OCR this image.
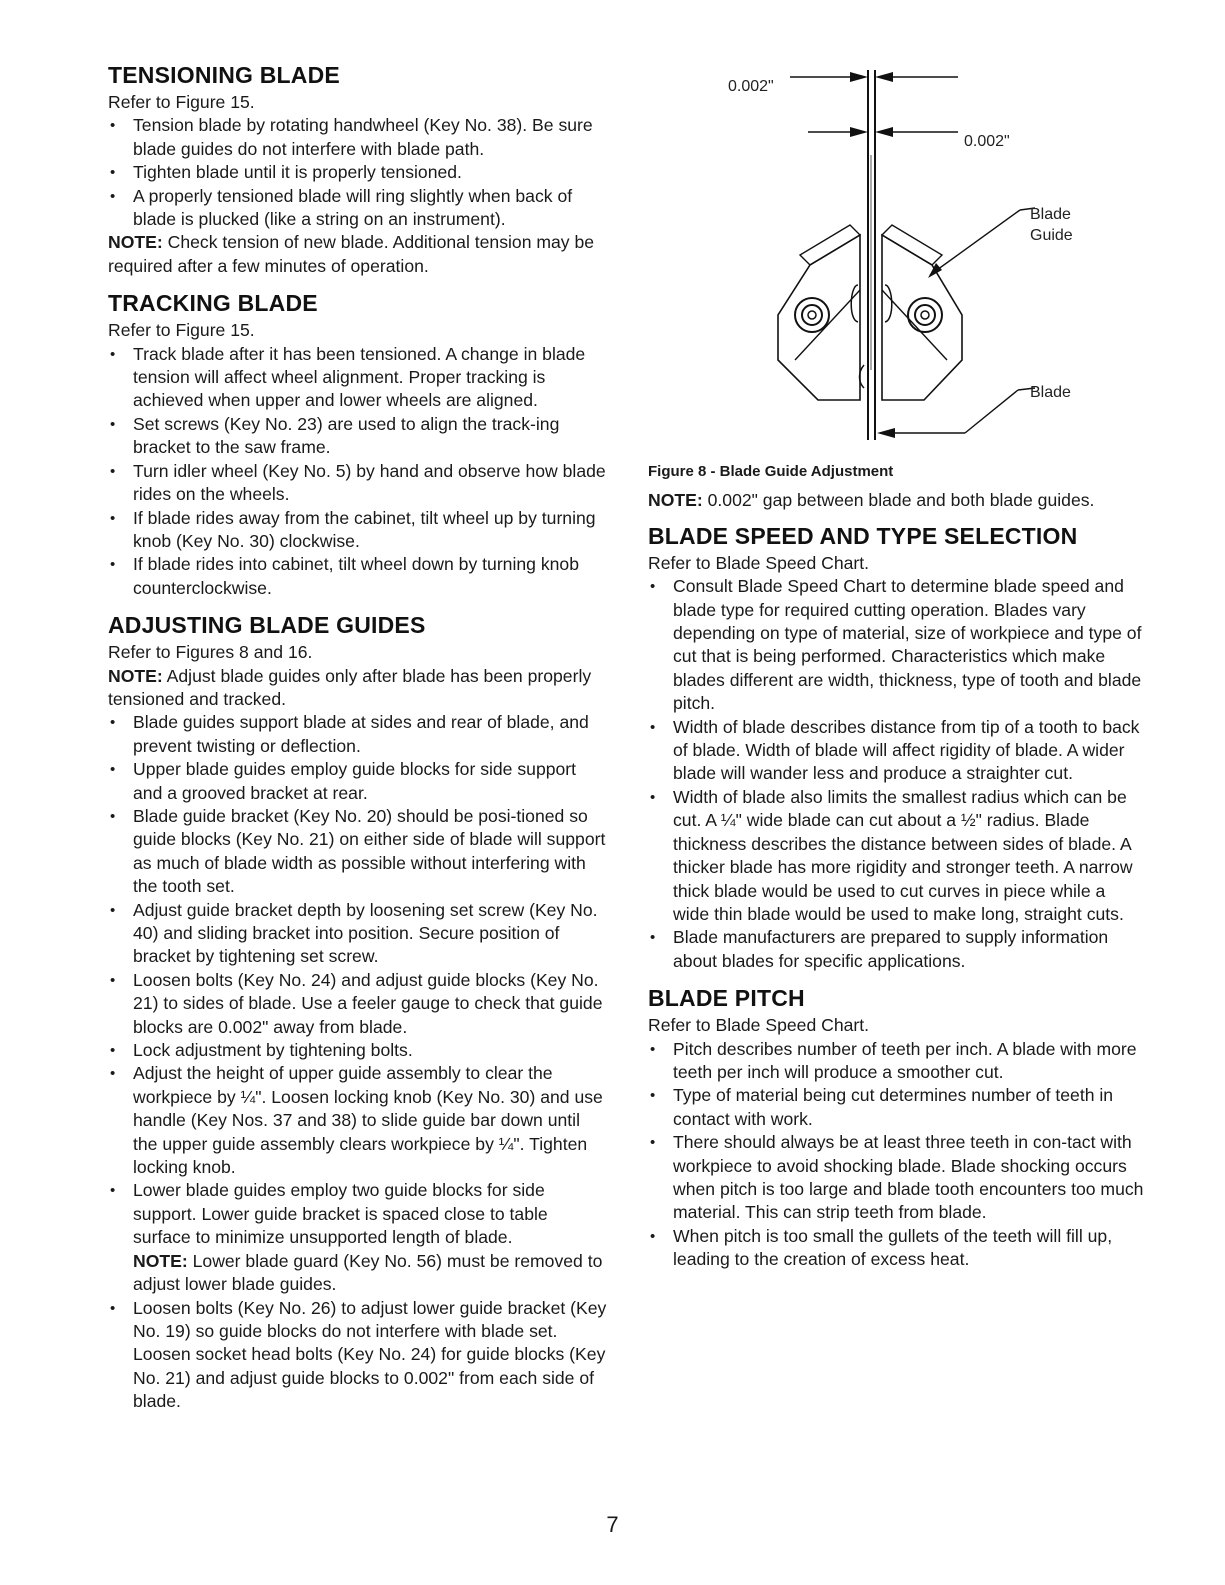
TENSIONING BLADE

Refer to Figure 15.

• Tension blade by rotating handwheel (Key No. 38). Be sure blade guides do not interfere with blade path.
• Tighten blade until it is properly tensioned.
• A properly tensioned blade will ring slightly when back of blade is plucked (like a string on an instrument).

NOTE: Check tension of new blade. Additional tension may be required after a few minutes of operation.

TRACKING BLADE

Refer to Figure 15.

• Track blade after it has been tensioned. A change in blade tension will affect wheel alignment. Proper tracking is achieved when upper and lower wheels are aligned.
• Set screws (Key No. 23) are used to align the track-ing bracket to the saw frame.
• Turn idler wheel (Key No. 5) by hand and observe how blade rides on the wheels.
• If blade rides away from the cabinet, tilt wheel up by turning knob (Key No. 30) clockwise.
• If blade rides into cabinet, tilt wheel down by turning knob counterclockwise.
ADJUSTING BLADE GUIDES

Refer to Figures 8 and 16.

NOTE: Adjust blade guides only after blade has been properly tensioned and tracked.

• Blade guides support blade at sides and rear of blade, and prevent twisting or deflection.
• Upper blade guides employ guide blocks for side support and a grooved bracket at rear.
• Blade guide bracket (Key No. 20) should be posi-tioned so guide blocks (Key No. 21) on either side of blade will support as much of blade width as possible without interfering with the tooth set.
• Adjust guide bracket depth by loosening set screw (Key No. 40) and sliding bracket into position. Secure position of bracket by tightening set screw.
• Loosen bolts (Key No. 24) and adjust guide blocks (Key No. 21) to sides of blade. Use a feeler gauge to check that guide blocks are 0.002" away from blade.
• Lock adjustment by tightening bolts.
• Adjust the height of upper guide assembly to clear the workpiece by ¼". Loosen locking knob (Key No. 30) and use handle (Key Nos. 37 and 38) to slide guide bar down until the upper guide assembly clears workpiece by ¼". Tighten locking knob.
• Lower blade guides employ two guide blocks for side support. Lower guide bracket is spaced close to table surface to minimize unsupported length of blade.

NOTE: Lower blade guard (Key No. 56) must be removed to adjust lower blade guides.

• Loosen bolts (Key No. 26) to adjust lower guide bracket (Key No. 19) so guide blocks do not interfere with blade set. Loosen socket head bolts (Key No. 24) for guide blocks (Key No. 21) and adjust guide blocks to 0.002" from each side of blade.
0.002"
0.002"
Blade
Guide
Blade

Figure 8 - Blade Guide Adjustment

NOTE: 0.002" gap between blade and both blade guides.

BLADE SPEED AND TYPE SELECTION

Refer to Blade Speed Chart.

• Consult Blade Speed Chart to determine blade speed and blade type for required cutting operation. Blades vary depending on type of material, size of workpiece and type of cut that is being performed. Characteristics which make blades different are width, thickness, type of tooth and blade pitch.
• Width of blade describes distance from tip of a tooth to back of blade. Width of blade will affect rigidity of blade. A wider blade will wander less and produce a straighter cut.
• Width of blade also limits the smallest radius which can be cut. A ¼" wide blade can cut about a ½" radius. Blade thickness describes the distance between sides of blade. A thicker blade has more rigidity and stronger teeth. A narrow thick blade would be used to cut curves in piece while a wide thin blade would be used to make long, straight cuts.
• Blade manufacturers are prepared to supply information about blades for specific applications.
BLADE PITCH

Refer to Blade Speed Chart.

• Pitch describes number of teeth per inch. A blade with more teeth per inch will produce a smoother cut.
• Type of material being cut determines number of teeth in contact with work.
• There should always be at least three teeth in con-tact with workpiece to avoid shocking blade. Blade shocking occurs when pitch is too large and blade tooth encounters too much material. This can strip teeth from blade.
• When pitch is too small the gullets of the teeth will fill up, leading to the creation of excess heat.
7
